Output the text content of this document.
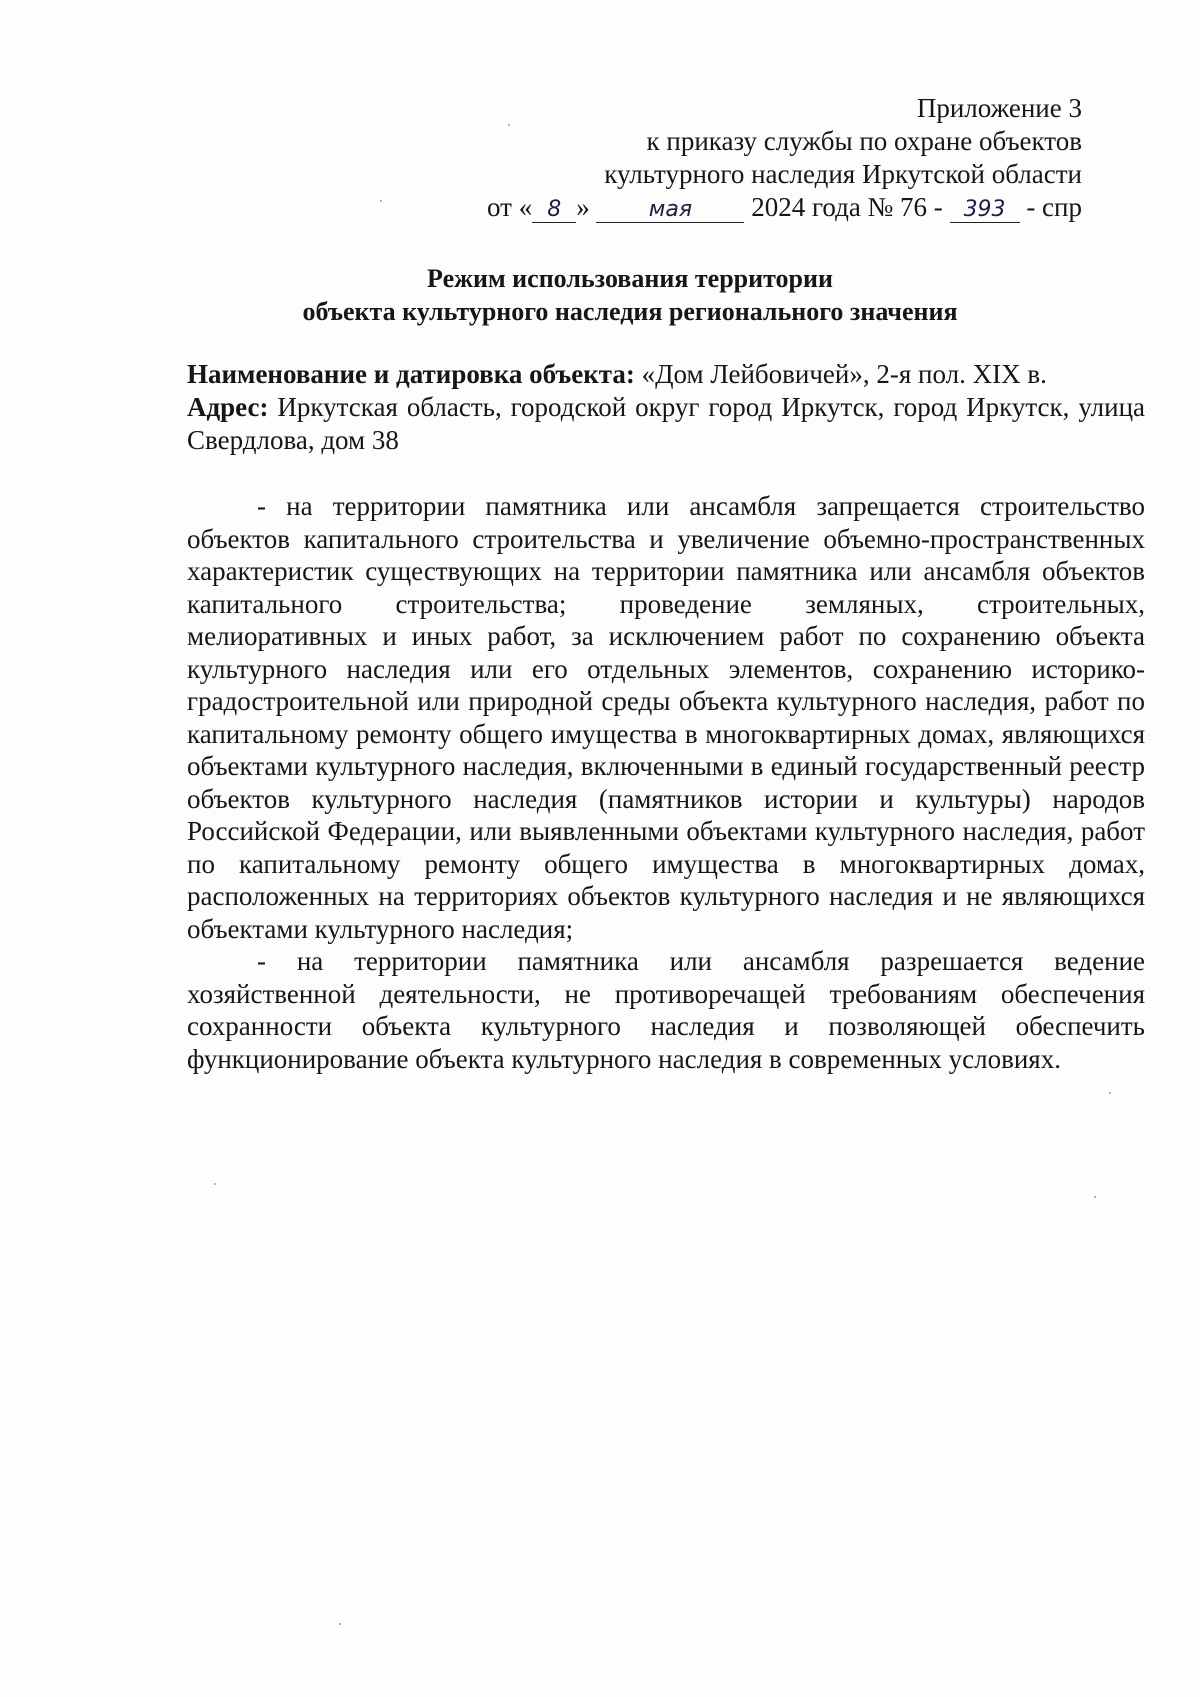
Приложение 3
к приказу службы по охране объектов
культурного наследия Иркутской области
от « 8 »	мая 2024 года № 76 - 393 - спр
Режим использования территории
объекта культурного наследия регионального значения

Наименование и датировка объекта: «Дом Лейбовичей», 2-я пол. XIX в.

Адрес: Иркутская область, городской округ город Иркутск, город Иркутск, улица Свердлова, дом 38

- на территории памятника или ансамбля запрещается строительство объектов капитального строительства и увеличение объемно-пространственных характеристик существующих на территории памятника или ансамбля объектов капитального строительства; проведение земляных, строительных, мелиоративных и иных работ, за исключением работ по сохранению объекта культурного наследия или его отдельных элементов, сохранению историко-градостроительной или природной среды объекта культурного наследия, работ по капитальному ремонту общего имущества в многоквартирных домах, являющихся объектами культурного наследия, включенными в единый государственный реестр объектов культурного наследия (памятников истории и культуры) народов Российской Федерации, или выявленными объектами культурного наследия, работ по капитальному ремонту общего имущества в многоквартирных домах, расположенных на территориях объектов культурного наследия и не являющихся объектами культурного наследия;

- на территории памятника или ансамбля разрешается ведение хозяйственной деятельности, не противоречащей требованиям обеспечения сохранности объекта культурного наследия и позволяющей обеспечить функционирование объекта культурного наследия в современных условиях.
